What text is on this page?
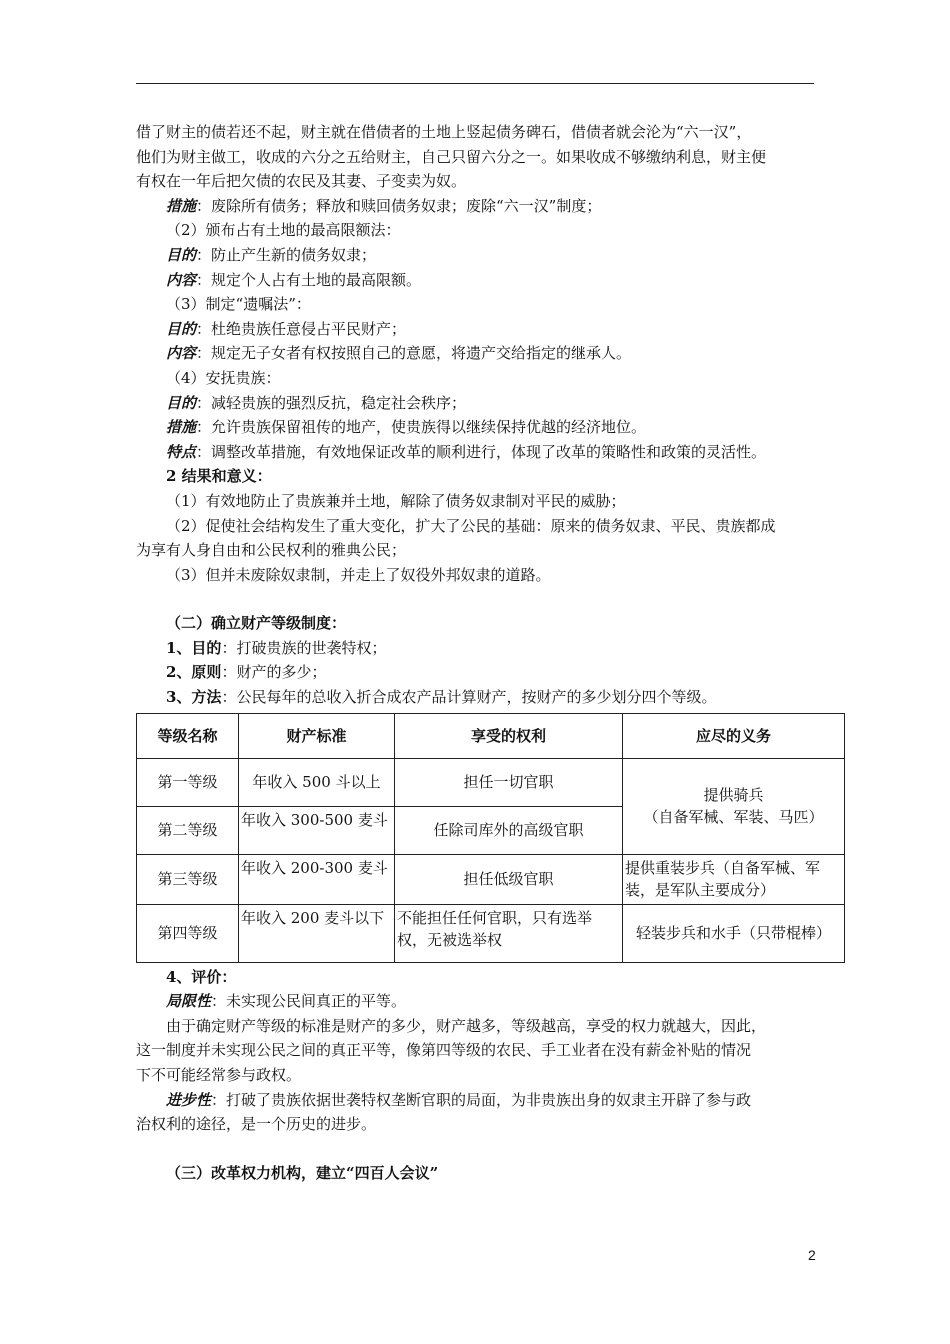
借了财主的债若还不起，财主就在借债者的土地上竖起债务碑石，借债者就会沦为“六一汉”，

他们为财主做工，收成的六分之五给财主，自己只留六分之一。如果收成不够缴纳利息，财主便

有权在一年后把欠债的农民及其妻、子变卖为奴。

措施：废除所有债务；释放和赎回债务奴隶；废除“六一汉”制度；

（2）颁布占有土地的最高限额法：

目的：防止产生新的债务奴隶；

内容：规定个人占有土地的最高限额。

（3）制定“遗嘱法”：

目的：杜绝贵族任意侵占平民财产；

内容：规定无子女者有权按照自己的意愿，将遗产交给指定的继承人。

（4）安抚贵族：

目的：减轻贵族的强烈反抗，稳定社会秩序；

措施：允许贵族保留祖传的地产，使贵族得以继续保持优越的经济地位。

特点：调整改革措施，有效地保证改革的顺利进行，体现了改革的策略性和政策的灵活性。

2 结果和意义：

（1）有效地防止了贵族兼并土地，解除了债务奴隶制对平民的威胁；

（2）促使社会结构发生了重大变化，扩大了公民的基础：原来的债务奴隶、平民、贵族都成

为享有人身自由和公民权利的雅典公民；

（3）但并未废除奴隶制，并走上了奴役外邦奴隶的道路。

（二）确立财产等级制度：

1、目的：打破贵族的世袭特权；

2、原则：财产的多少；

3、方法：公民每年的总收入折合成农产品计算财产，按财产的多少划分四个等级。

等级名称	财产标准	享受的权利	应尽的义务
第一等级	年收入 500 斗以上	担任一切官职	提供骑兵
（自备军械、军装、马匹）

第二等级	年收入 300-500 麦斗	任除司库外的高级官职	
第三等级	年收入 200-300 麦斗	担任低级官职	提供重装步兵（自备军械、军装，是军队主要成分）
第四等级	年收入 200 麦斗以下	不能担任任何官职，只有选举权，无被选举权	轻装步兵和水手（只带棍棒）

4、评价：

局限性：未实现公民间真正的平等。

由于确定财产等级的标准是财产的多少，财产越多，等级越高，享受的权力就越大，因此，

这一制度并未实现公民之间的真正平等，像第四等级的农民、手工业者在没有薪金补贴的情况

下不可能经常参与政权。

进步性：打破了贵族依据世袭特权垄断官职的局面，为非贵族出身的奴隶主开辟了参与政

治权利的途径，是一个历史的进步。

（三）改革权力机构，建立“四百人会议”

2
